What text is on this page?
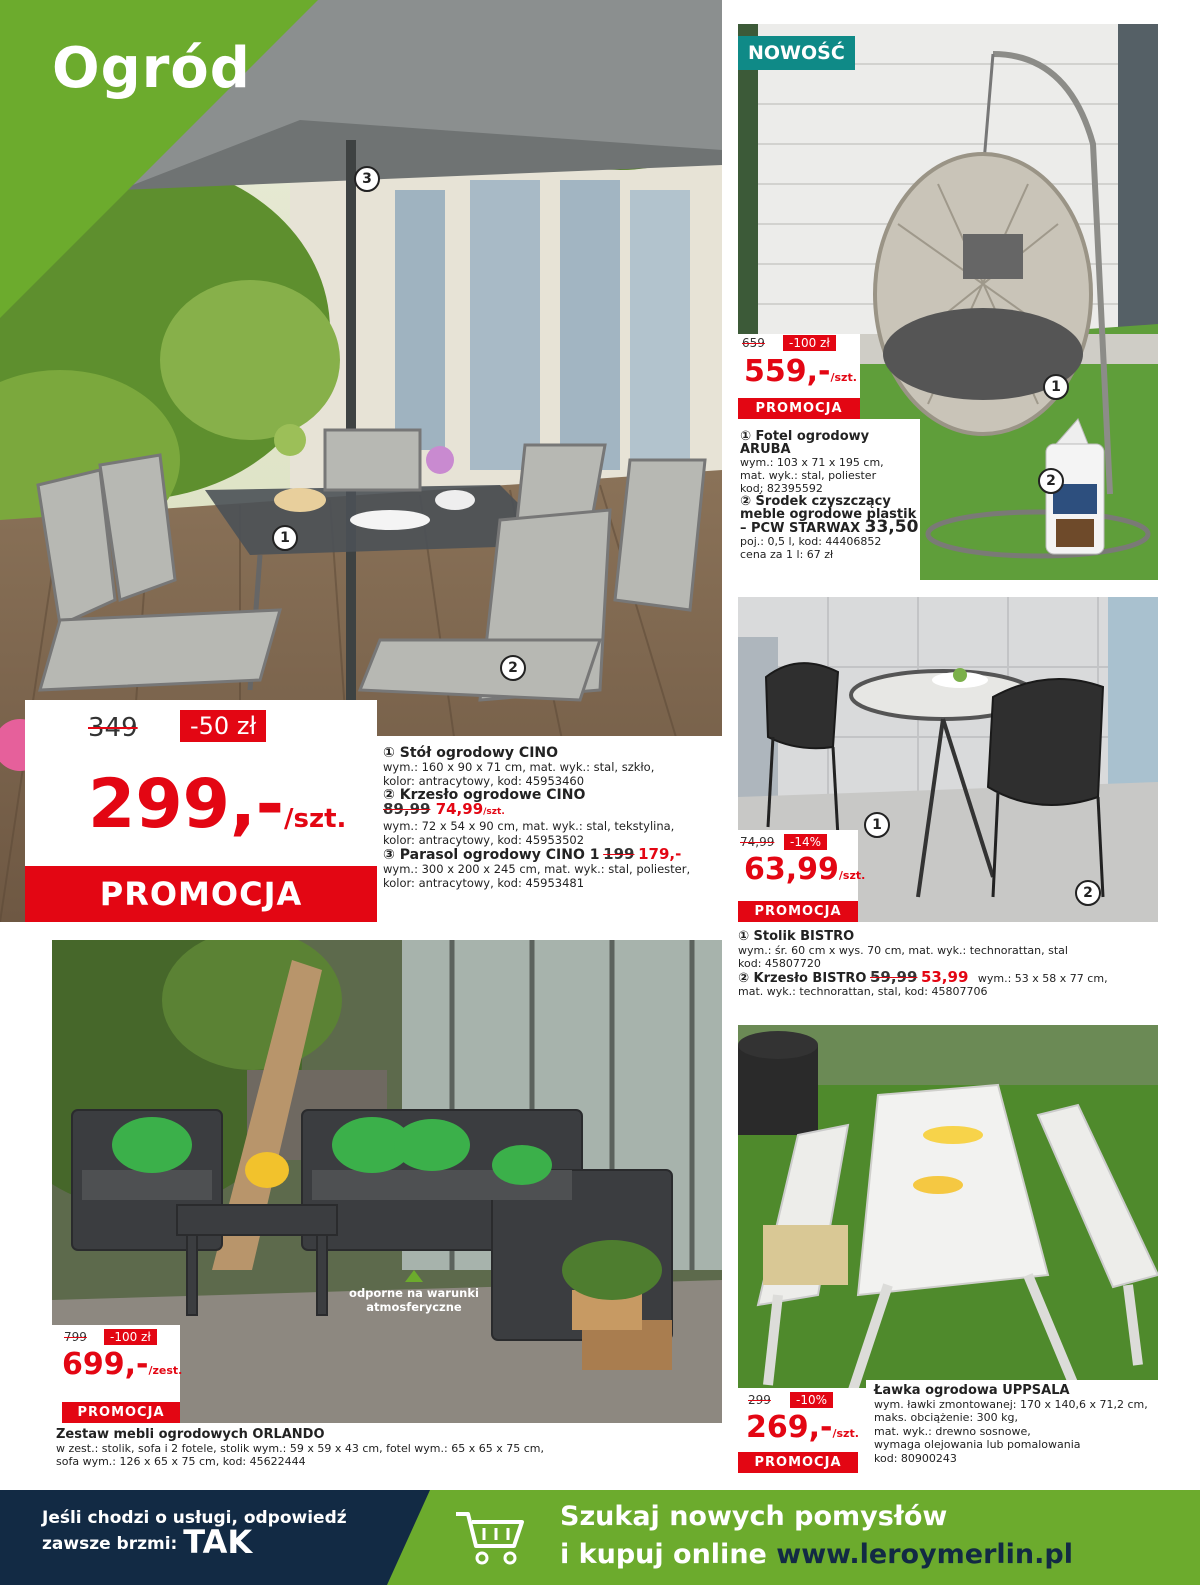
Ogród
3
1
2
349	-50 zł
299,-/szt.
PROMOCJA
① Stół ogrodowy CINO
wym.: 160 x 90 x 71 cm, mat. wyk.: stal, szkło,
kolor: antracytowy, kod: 45953460
② Krzesło ogrodowe CINO
89,99 74,99/szt.
wym.: 72 x 54 x 90 cm, mat. wyk.: stal, tekstylina,
kolor: antracytowy, kod: 45953502
③ Parasol ogrodowy CINO 1 199 179,-
wym.: 300 x 200 x 245 cm, mat. wyk.: stal, poliester,
kolor: antracytowy, kod: 45953481
NOWOŚĆ
1
2
659	-100 zł
559,-/szt.
PROMOCJA
① Fotel ogrodowy ARUBA
wym.: 103 x 71 x 195 cm,
mat. wyk.: stal, poliester
kod: 82395592
② Środek czyszczący
meble ogrodowe plastik
– PCW STARWAX 33,50
poj.: 0,5 l, kod: 44406852
cena za 1 l: 67 zł
1
2
74,99	-14%
63,99/szt.
PROMOCJA
① Stolik BISTRO
wym.: śr. 60 cm x wys. 70 cm, mat. wyk.: technorattan, stal
kod: 45807720
② Krzesło BISTRO 59,99 53,99 wym.: 53 x 58 x 77 cm,
mat. wyk.: technorattan, stal, kod: 45807706
odporne na warunki
atmosferyczne
799	-100 zł
699,-/zest.
PROMOCJA
Zestaw mebli ogrodowych ORLANDO
w zest.: stolik, sofa i 2 fotele, stolik wym.: 59 x 59 x 43 cm, fotel wym.: 65 x 65 x 75 cm,
sofa wym.: 126 x 65 x 75 cm, kod: 45622444
299	-10%
269,-/szt.
PROMOCJA
Ławka ogrodowa UPPSALA
wym. ławki zmontowanej: 170 x 140,6 x 71,2 cm,
maks. obciążenie: 300 kg,
mat. wyk.: drewno sosnowe,
wymaga olejowania lub pomalowania
kod: 80900243
Jeśli chodzi o usługi, odpowiedź
zawsze brzmi: TAK
Szukaj nowych pomysłów
i kupuj online www.leroymerlin.pl
